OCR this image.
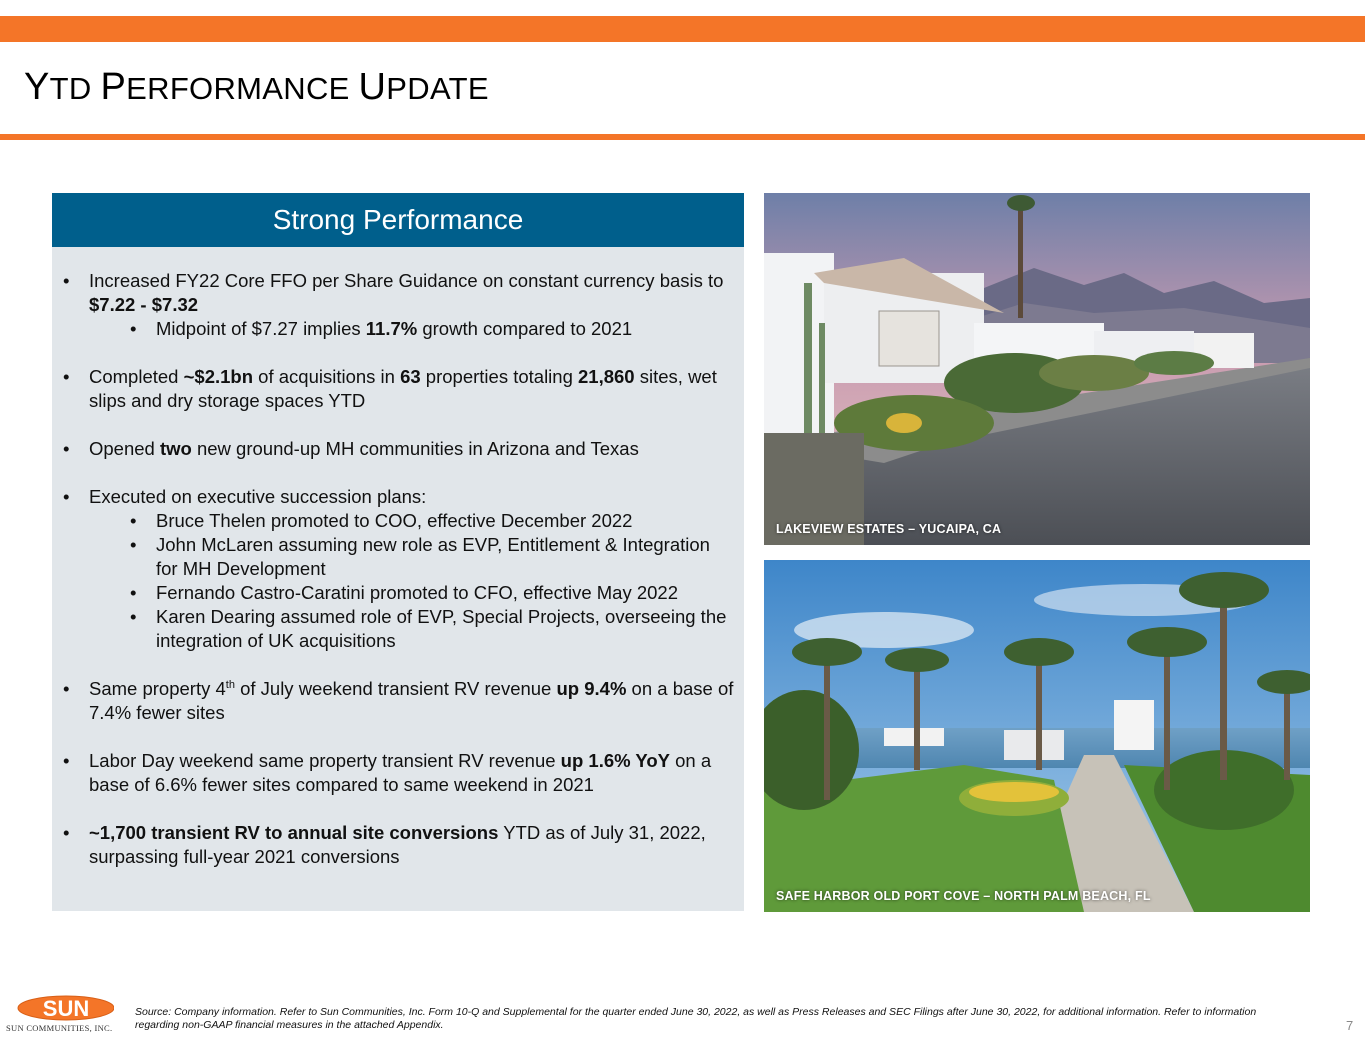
YTD PERFORMANCE UPDATE
Strong Performance
• Increased FY22 Core FFO per Share Guidance on constant currency basis to $7.22 - $7.32
• Midpoint of $7.27 implies 11.7% growth compared to 2021
• Completed ~$2.1bn of acquisitions in 63 properties totaling 21,860 sites, wet slips and dry storage spaces YTD
• Opened two new ground-up MH communities in Arizona and Texas
• Executed on executive succession plans:
• Bruce Thelen promoted to COO, effective December 2022
• John McLaren assuming new role as EVP, Entitlement & Integration for MH Development
• Fernando Castro-Caratini promoted to CFO, effective May 2022
• Karen Dearing assumed role of EVP, Special Projects, overseeing the integration of UK acquisitions
• Same property 4th of July weekend transient RV revenue up 9.4% on a base of 7.4% fewer sites
• Labor Day weekend same property transient RV revenue up 1.6% YoY on a base of 6.6% fewer sites compared to same weekend in 2021
• ~1,700 transient RV to annual site conversions YTD as of July 31, 2022, surpassing full-year 2021 conversions
LAKEVIEW ESTATES – YUCAIPA, CA
SAFE HARBOR OLD PORT COVE – NORTH PALM BEACH, FL
SUN
SUN COMMUNITIES, INC.
Source: Company information. Refer to Sun Communities, Inc. Form 10-Q and Supplemental for the quarter ended June 30, 2022, as well as Press Releases and SEC Filings after June 30, 2022, for additional information. Refer to information regarding non-GAAP financial measures in the attached Appendix.	7
